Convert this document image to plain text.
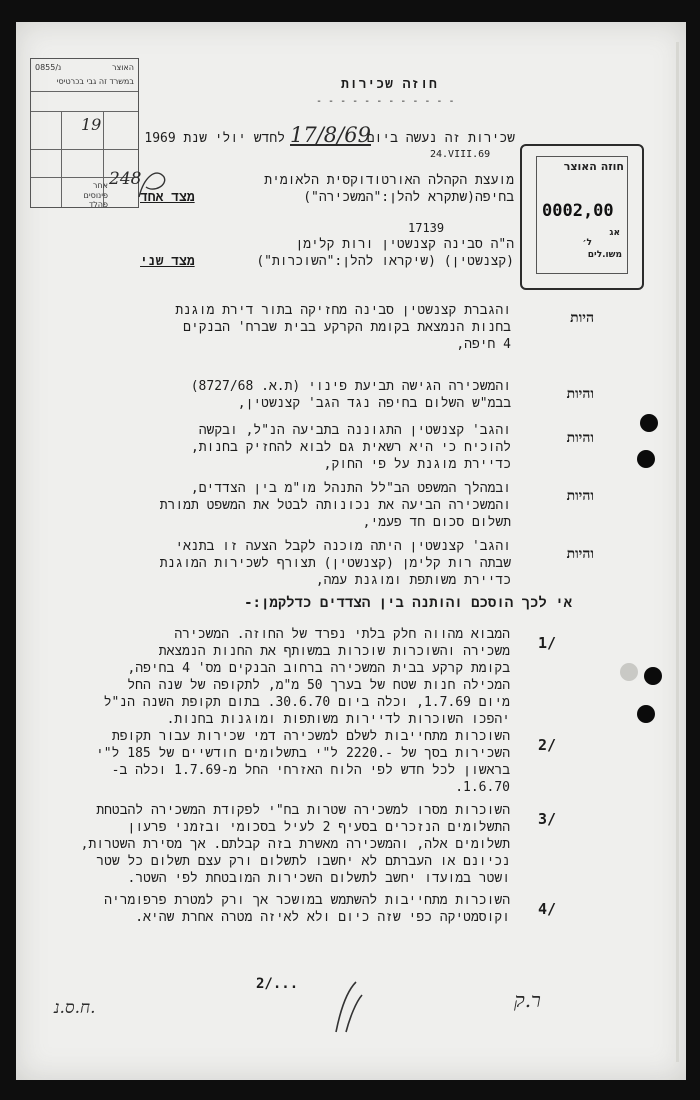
האוצר
נ/0855
במשרד זה גבי בכרטיסי
19
248
אחר
פינוסים
פהלד
חוזה האוצר
0002,00
אג
ל׳
משו.לים
חוזה שכירות
- - - - - - - - - - - -
שכירות זה נעשה ביום
17/8/69
לחדש יולי שנת 1969
24.VIII.69
מועצת הקהלה האורטודוקסית הלאומית
בחיפה(שתקרא להלן:"המשכירה")
מצד אחד
17139
ה"ה סבינה קצנשטין ורות קלימן
(קצנשטין) (שיקראו להלן:"השוכרות")
מצד שני
היות
והגברת קצנשטין סבינה מחזיקה בתור דירת מוגנת
בחנות הנמצאת בקומת הקרקע בבית שברח' הבנקים
4 חיפה,
והיות
והמשכירה הגישה תביעת פינוי (ת.א. 8727/68)
בבמ"ש השלום בחיפה נגד הגב' קצנשטין,
והיות
והגב' קצנשטין התגוננה בתביעה הנ"ל, ובקשה
להוכיח כי היא רשאית גם לבוא להחזיק בחנות,
כדיירת מוגנת על פי החוק,
והיות
ובמהלך המשפט הב"לל התנהל מו"מ בין הצדדים,
והמשכירה הביעה את נכונותה לבטל את המשפט תמורת
תשלום סכום חד פעמי,
והיות
והגב' קצנשטין היתה מוכנה לקבל הצעה זו בתנאי
שבתה רות קלימן (קצנשטין) תצורף לשכירות המוגנת
כדיירת משותפת ומוגנת עמה,
אי לכך הוסכם והותנה בין הצדדים כדלקמן:-
1/
המבוא מהווה חלק בלתי נפרד של החוזה. המשכירה
משכירה והשוכרות שוכרות במשותף את החנות הנמצאת
בקומת קרקע בבית המשכירה ברחוב הבנקים מס' 4 בחיפה,
המכילה חנות שטח של בערך 50 מ"מ, לתקופה של שנה החל
מיום 1.7.69, וכלה ביום 30.6.70. בתום תקופת השנה הנ"ל
יהפכו השוכרות לדיירות משותפות ומוגנות בחנות.
2/
השוכרות מתחייבות לשלם למשכירה דמי שכירות עבור תקופת
השכירות בסך של -.2220 ל"י בתשלומים חודשיים של 185 ל"י
בראשון לכל חדש לפי הלוח האזרחי החל מ-1.7.69 וכלה ב-
1.6.70.
3/
השוכרות מסרו למשכירה שטרות בח"י לפקודת המשכירה להבטחת
התשלומים הנזכרים בסעיף 2 לעיל בסכומי ובזמני פרעון
תשלומים אלה, והמשכירה מאשרת בזה קבלתם. אך מסירת השטרות,
נכיונם או העברתם לא יחשבו לתשלום ורק עצם תשלום כל שטר
ושטר במועדו יחשב לתשלום השכירות המובטחת לפי השטר.
4/
השוכרות מתחייבות להשתמש במושכר אך ורק למטרת פרפומריה
וקוסמטיקה כפי שזה כיום ולא לאיזה מטרה אחרת שהיא.
2/...
ח.ס.נ.	ר.ק
